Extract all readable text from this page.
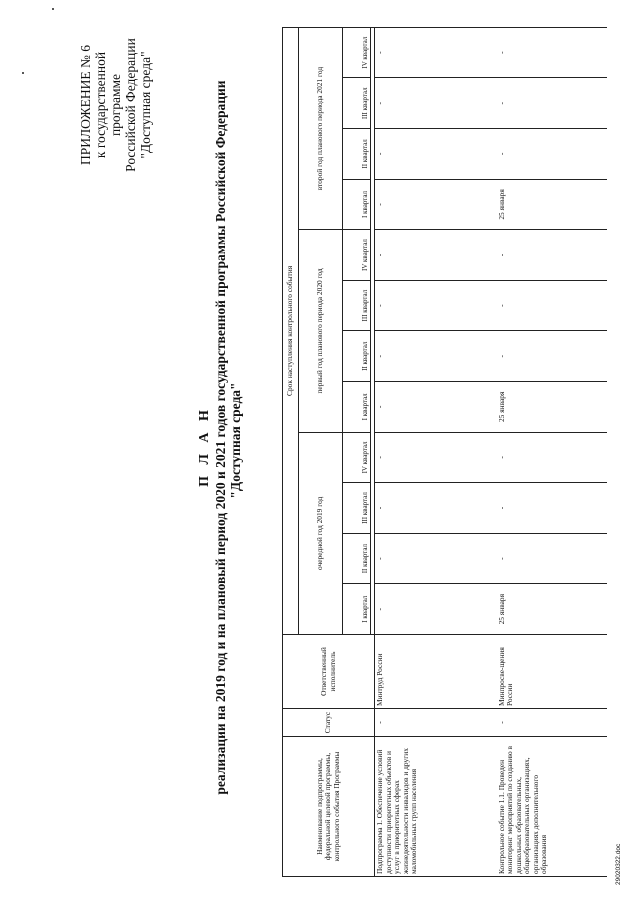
ПРИЛОЖЕНИЕ № 6 к государственной программе Российской Федерации "Доступная среда"
П Л А Н реализации на 2019 год и на плановый период 2020 и 2021 годов государственной программы Российской Федерации "Доступная среда"
Наименование подпрограммы, федеральной целевой программы, контрольного события Программы	Статус	Ответственный исполнитель	Срок наступления контрольного события											
			очередной год 2019 год				первый год планового периода 2020 год				второй год планового периода 2021 год			
			I квартал	II квартал	III квартал	IV квартал	I квартал	II квартал	III квартал	IV квартал	I квартал	II квартал	III квартал	IV квартал

Подпрограмма 1. Обеспечение условий доступности приоритетных объектов и услуг в приоритетных сферах жизнедеятельности инвалидов и других маломобильных групп населения	-	Минтруд России	-	-	-	-	-	-	-	-	-	-	-	-
Контрольное событие 1.1. Проведен мониторинг мероприятий по созданию в дошкольных образовательных, общеобразовательных организациях, организациях дополнительного образования	-	Минпросве-щения России	25 января	-	-	-	25 января	-	-	-	25 января	-	-	-
29020322.doc
